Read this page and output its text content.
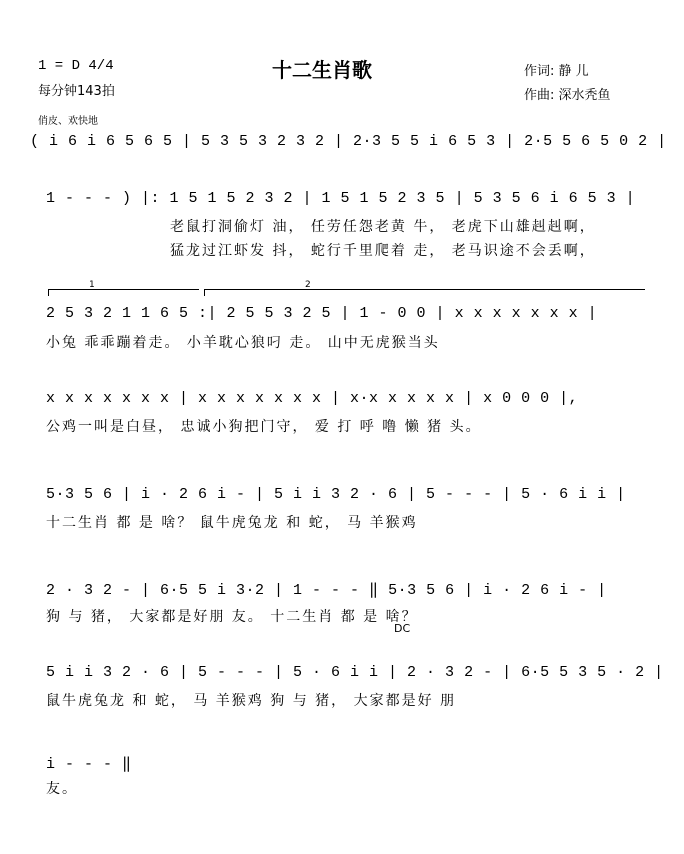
1 = D 4/4
每分钟143拍
十二生肖歌	作词: 静 儿
作曲: 深水秃鱼
俏皮、欢快地
( i 6 i 6 5 6 5 | 5 3 5 3 2 3 2 | 2·3 5 5 i 6 5 3 | 2·5 5 6 5 0 2 |
1 - - - ) |: 1 5 1 5 2 3 2 | 1 5 1 5 2 3 5 | 5 3 5 6 i 6 5 3 |
老鼠打洞偷灯 油， 任劳任怨老黄 牛， 老虎下山雄赳赳啊，
猛龙过江虾发 抖， 蛇行千里爬着 走， 老马识途不会丢啊，
1	2
2 5 3 2 1 1 6 5 :| 2 5 5 3 2 5 | 1 - 0 0 | x x x x x x x |
小兔 乖乖蹦着走。 小羊耽心狼叼 走。 山中无虎猴当头
x x x x x x x | x x x x x x x | x·x x x x x | x 0 0 0 |,
公鸡一叫是白昼， 忠诚小狗把门守， 爱 打 呼 噜 懒 猪 头。
5·3 5 6 | i · 2 6 i - | 5 i i 3 2 · 6 | 5 - - - | 5 · 6 i i |
十二生肖 都 是 啥？ 鼠牛虎兔龙 和 蛇， 马 羊猴鸡
2 · 3 2 - | 6·5 5 i 3·2 | 1 - - - ‖ 5·3 5 6 | i · 2 6 i - |
狗 与 猪， 大家都是好朋 友。 十二生肖 都 是 啥？
DC
5 i i 3 2 · 6 | 5 - - - | 5 · 6 i i | 2 · 3 2 - | 6·5 5 3 5 · 2 |
鼠牛虎兔龙 和 蛇， 马 羊猴鸡 狗 与 猪， 大家都是好 朋
i - - - ‖
友。
